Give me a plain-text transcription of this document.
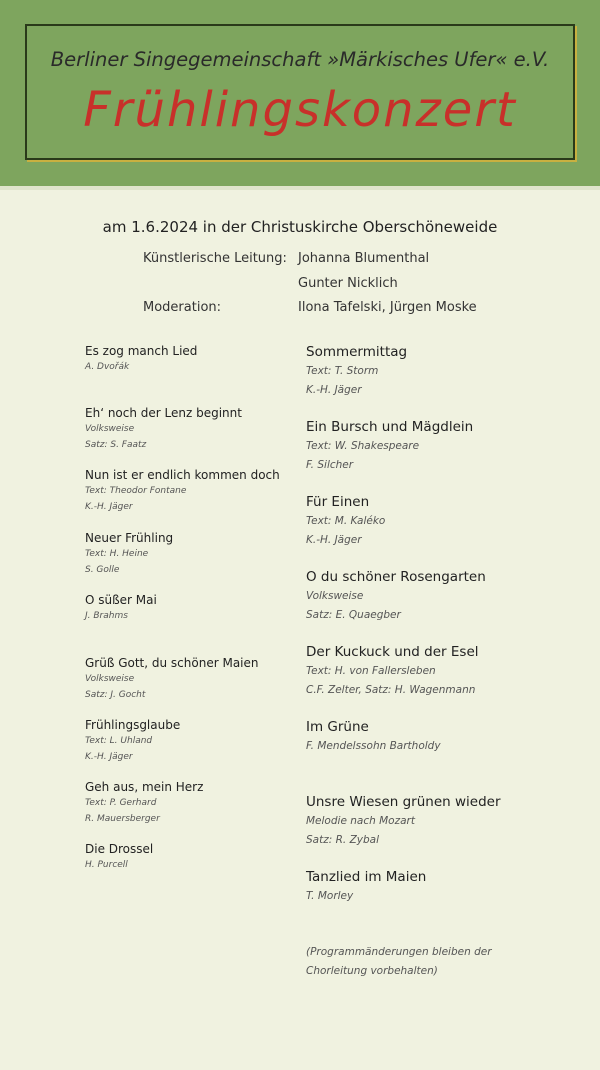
Berliner Singegemeinschaft »Märkisches Ufer« e.V.
Frühlingskonzert
am 1.6.2024 in der Christuskirche Oberschöneweide
Künstlerische Leitung: Johanna Blumenthal
Gunter Nicklich
Moderation:	Ilona Tafelski, Jürgen Moske
Es zog manch Lied
A. Dvořák
Eh‘ noch der Lenz beginnt
Volksweise
Satz: S. Faatz
Nun ist er endlich kommen doch
Text: Theodor Fontane
K.-H. Jäger
Neuer Frühling
Text: H. Heine
S. Golle
O süßer Mai
J. Brahms
Grüß Gott, du schöner Maien
Volksweise
Satz: J. Gocht
Frühlingsglaube
Text: L. Uhland
K.-H. Jäger
Geh aus, mein Herz
Text: P. Gerhard
R. Mauersberger
Die Drossel
H. Purcell
Sommermittag
Text: T. Storm
K.-H. Jäger
Ein Bursch und Mägdlein
Text: W. Shakespeare
F. Silcher
Für Einen
Text: M. Kaléko
K.-H. Jäger
O du schöner Rosengarten
Volksweise
Satz: E. Quaegber
Der Kuckuck und der Esel
Text: H. von Fallersleben
C.F. Zelter, Satz: H. Wagenmann
Im Grüne
F. Mendelssohn Bartholdy
Unsre Wiesen grünen wieder
Melodie nach Mozart
Satz: R. Zybal
Tanzlied im Maien
T. Morley
(Programmänderungen bleiben der Chorleitung vorbehalten)
